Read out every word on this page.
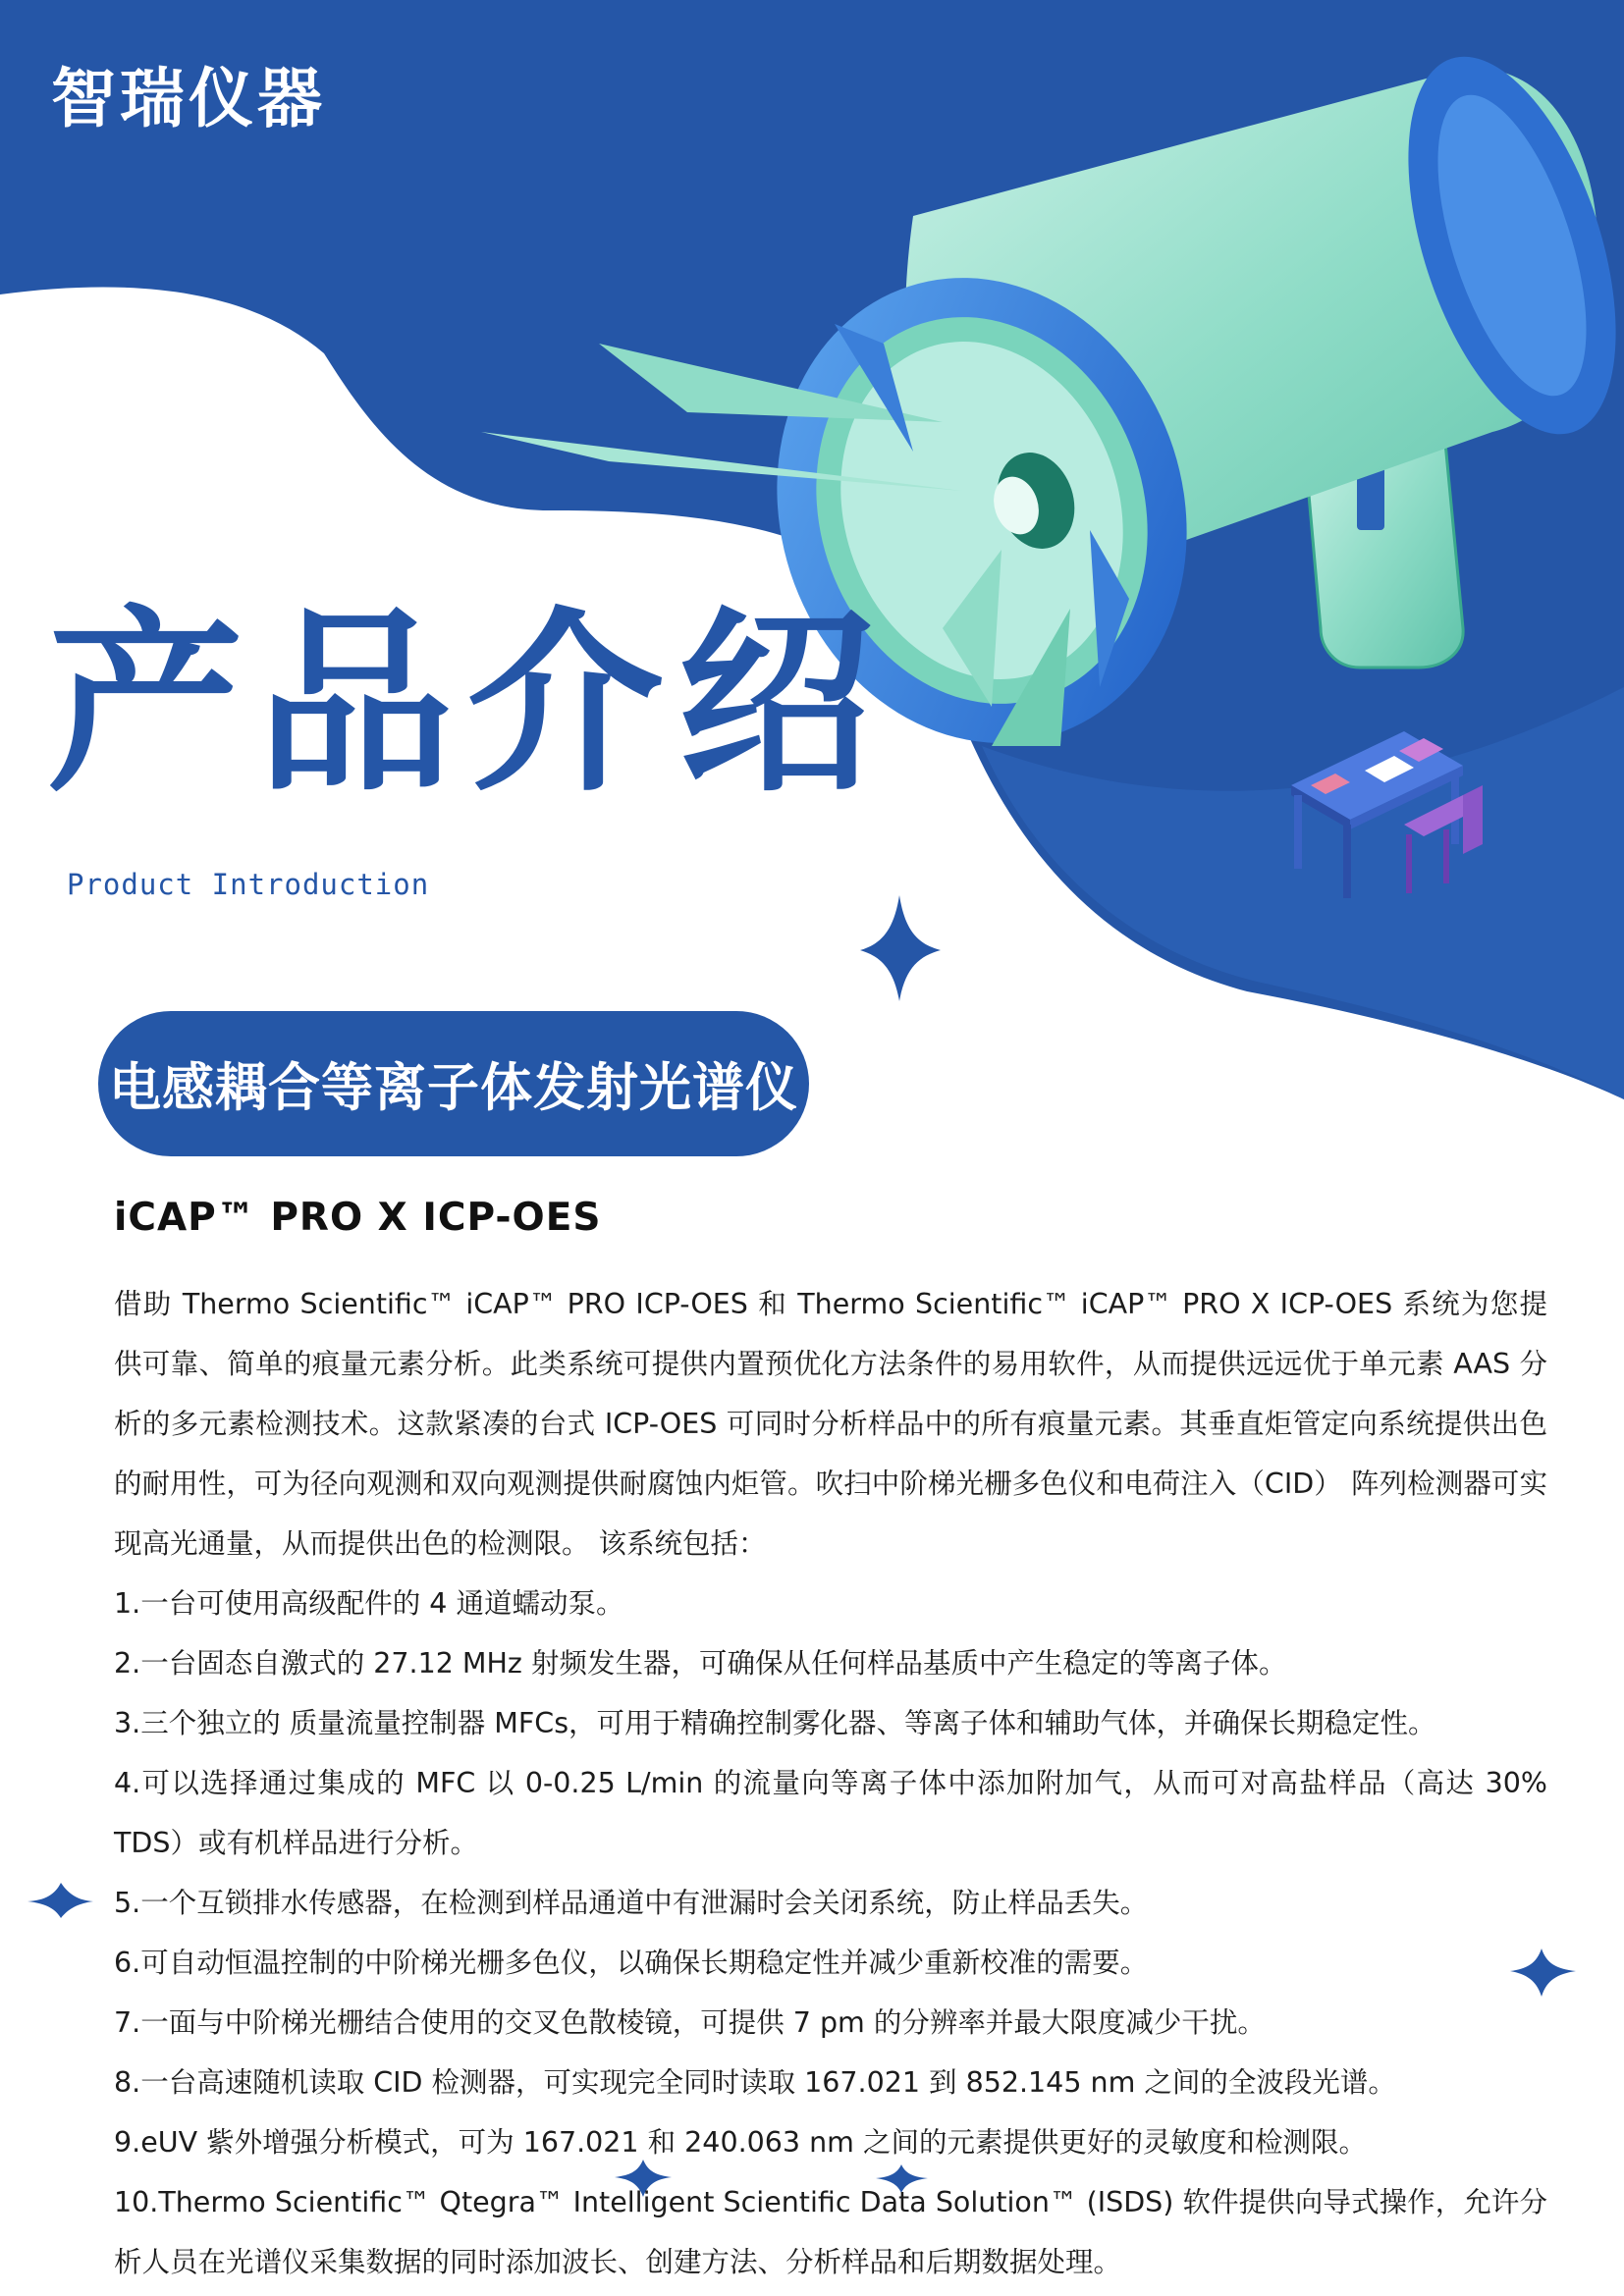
智瑞仪器
产品介绍
Product Introduction
电感耦合等离子体发射光谱仪
iCAP™ PRO X ICP-OES

借助 Thermo Scientific™ iCAP™ PRO ICP-OES 和 Thermo Scientific™ iCAP™ PRO X ICP-OES 系统为您提供可靠、简单的痕量元素分析。此类系统可提供内置预优化方法条件的易用软件，从而提供远远优于单元素 AAS 分析的多元素检测技术。这款紧凑的台式 ICP-OES 可同时分析样品中的所有痕量元素。其垂直炬管定向系统提供出色的耐用性，可为径向观测和双向观测提供耐腐蚀内炬管。吹扫中阶梯光栅多色仪和电荷注入（CID） 阵列检测器可实现高光通量，从而提供出色的检测限。 该系统包括：

1.一台可使用高级配件的 4 通道蠕动泵。

2.一台固态自激式的 27.12 MHz 射频发生器，可确保从任何样品基质中产生稳定的等离子体。

3.三个独立的 质量流量控制器 MFCs，可用于精确控制雾化器、等离子体和辅助气体，并确保长期稳定性。

4.可以选择通过集成的 MFC 以 0-0.25 L/min 的流量向等离子体中添加附加气，从而可对高盐样品（高达 30% TDS）或有机样品进行分析。

5.一个互锁排水传感器，在检测到样品通道中有泄漏时会关闭系统，防止样品丢失。

6.可自动恒温控制的中阶梯光栅多色仪，以确保长期稳定性并减少重新校准的需要。

7.一面与中阶梯光栅结合使用的交叉色散棱镜，可提供 7 pm 的分辨率并最大限度减少干扰。

8.一台高速随机读取 CID 检测器，可实现完全同时读取 167.021 到 852.145 nm 之间的全波段光谱。

9.eUV 紫外增强分析模式，可为 167.021 和 240.063 nm 之间的元素提供更好的灵敏度和检测限。

10.Thermo Scientific™ Qtegra™ Intelligent Scientific Data Solution™ (ISDS) 软件提供向导式操作，允许分析人员在光谱仪采集数据的同时添加波长、创建方法、分析样品和后期数据处理。
